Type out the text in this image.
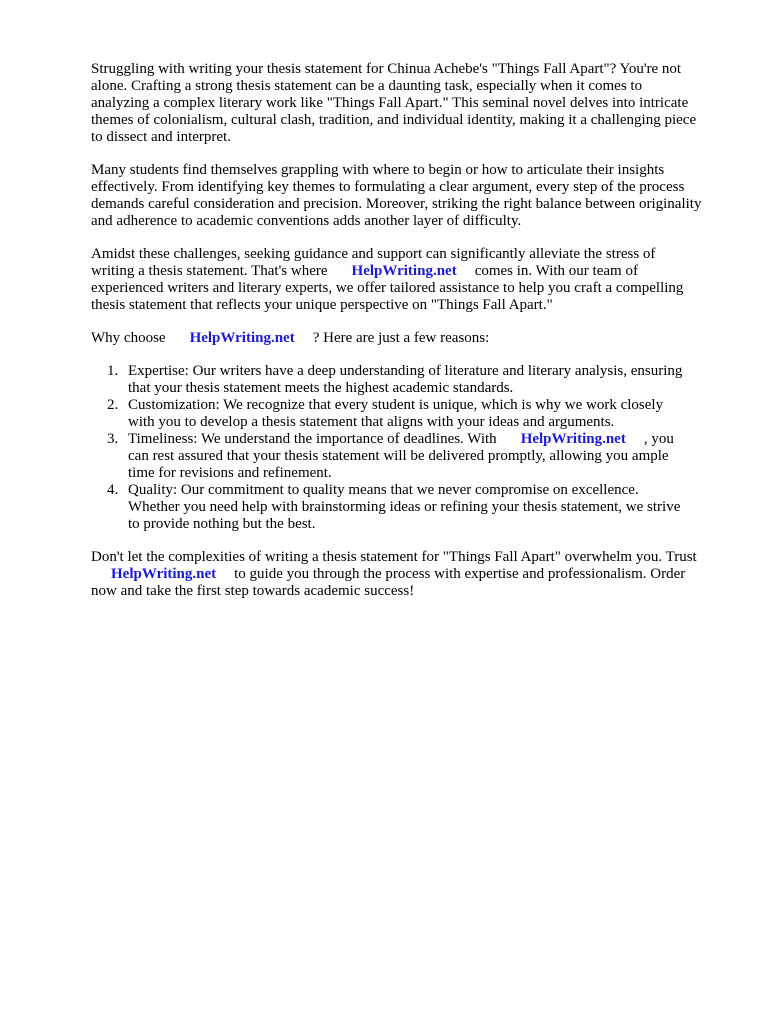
Struggling with writing your thesis statement for Chinua Achebe's "Things Fall Apart"? You're not
alone. Crafting a strong thesis statement can be a daunting task, especially when it comes to
analyzing a complex literary work like "Things Fall Apart." This seminal novel delves into intricate
themes of colonialism, cultural clash, tradition, and individual identity, making it a challenging piece
to dissect and interpret.

Many students find themselves grappling with where to begin or how to articulate their insights
effectively. From identifying key themes to formulating a clear argument, every step of the process
demands careful consideration and precision. Moreover, striking the right balance between originality
and adherence to academic conventions adds another layer of difficulty.

Amidst these challenges, seeking guidance and support can significantly alleviate the stress of
writing a thesis statement. That's where HelpWriting.net comes in. With our team of
experienced writers and literary experts, we offer tailored assistance to help you craft a compelling
thesis statement that reflects your unique perspective on "Things Fall Apart."

Why choose HelpWriting.net ? Here are just a few reasons:

1. Expertise: Our writers have a deep understanding of literature and literary analysis, ensuring
that your thesis statement meets the highest academic standards.
2. Customization: We recognize that every student is unique, which is why we work closely
with you to develop a thesis statement that aligns with your ideas and arguments.
3. Timeliness: We understand the importance of deadlines. With HelpWriting.net , you
can rest assured that your thesis statement will be delivered promptly, allowing you ample
time for revisions and refinement.
4. Quality: Our commitment to quality means that we never compromise on excellence.
Whether you need help with brainstorming ideas or refining your thesis statement, we strive
to provide nothing but the best.

Don't let the complexities of writing a thesis statement for "Things Fall Apart" overwhelm you. Trust
HelpWriting.net to guide you through the process with expertise and professionalism. Order
now and take the first step towards academic success!
